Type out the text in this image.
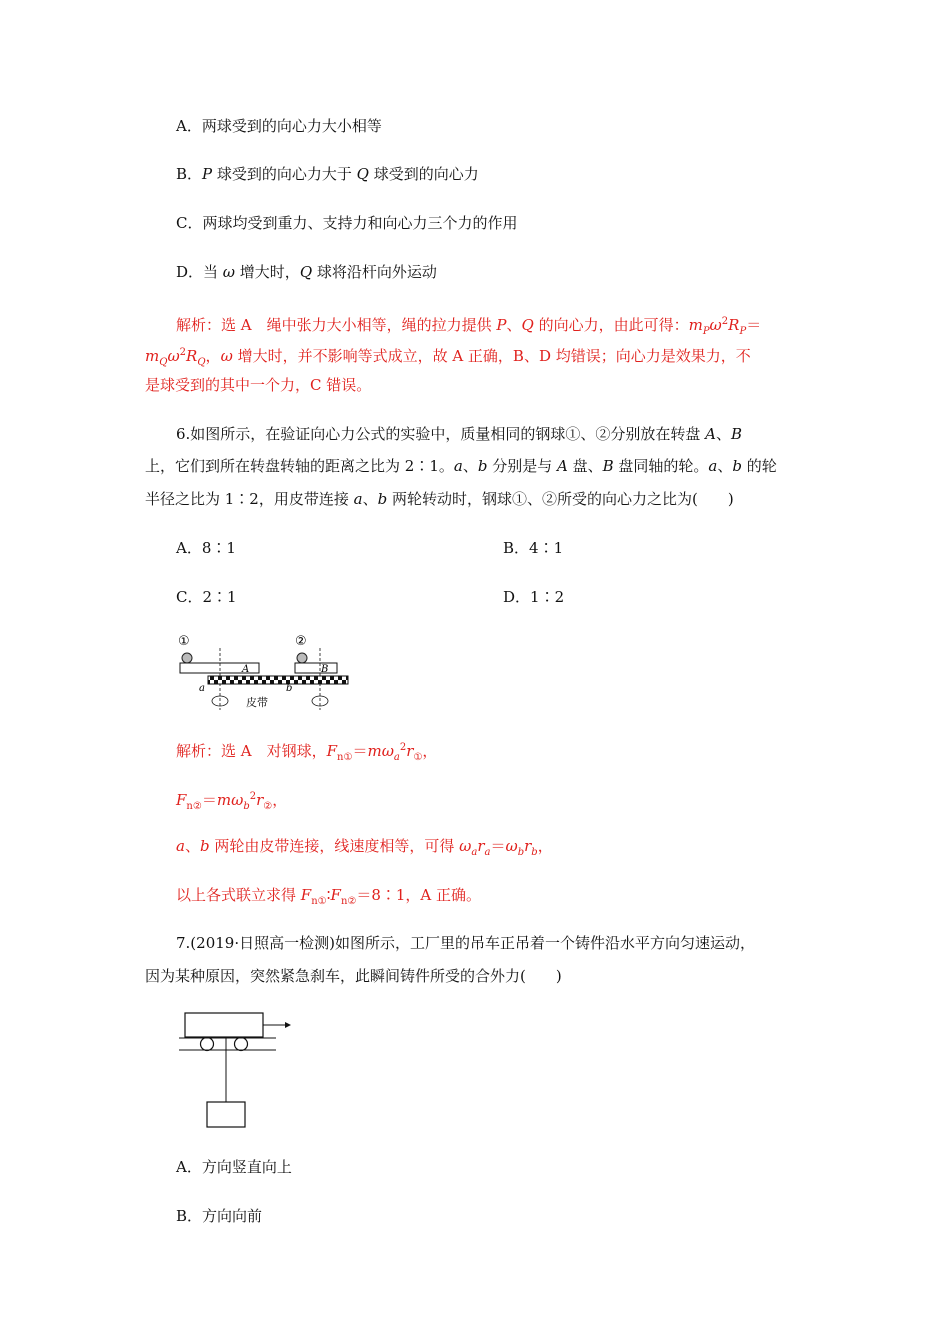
A．两球受到的向心力大小相等
B．P 球受到的向心力大于 Q 球受到的向心力
C．两球均受到重力、支持力和向心力三个力的作用
D．当 ω 增大时，Q 球将沿杆向外运动
解析：选 A　绳中张力大小相等，绳的拉力提供 P、Q 的向心力，由此可得：$m_P\omega^2R_P=$
$m_Q\omega^2R_Q$，ω 增大时，并不影响等式成立，故 A 正确，B、D 均错误；向心力是效果力，不
是球受到的其中一个力，C 错误。
6.如图所示，在验证向心力公式的实验中，质量相同的钢球①、②分别放在转盘 A、B
上，它们到所在转盘转轴的距离之比为 2∶1。a、b 分别是与 A 盘、B 盘同轴的轮。a、b 的轮
半径之比为 1∶2，用皮带连接 a、b 两轮转动时，钢球①、②所受的向心力之比为(　　)
A．8∶1	B．4∶1
C．2∶1	D．1∶2
①	②
A	B
a	b
皮带
解析：选 A　对钢球，$F_{n①}=m\omega_a^2r_①$，
$F_{n②}=m\omega_b^2r_②$，
a、b 两轮由皮带连接，线速度相等，可得 $\omega_ar_a=\omega_br_b$，
以上各式联立求得 $F_{n①}∶F_{n②}=8∶1$，A 正确。
7.(2019·日照高一检测)如图所示，工厂里的吊车正吊着一个铸件沿水平方向匀速运动，
因为某种原因，突然紧急刹车，此瞬间铸件所受的合外力(　　)
A．方向竖直向上
B．方向向前
